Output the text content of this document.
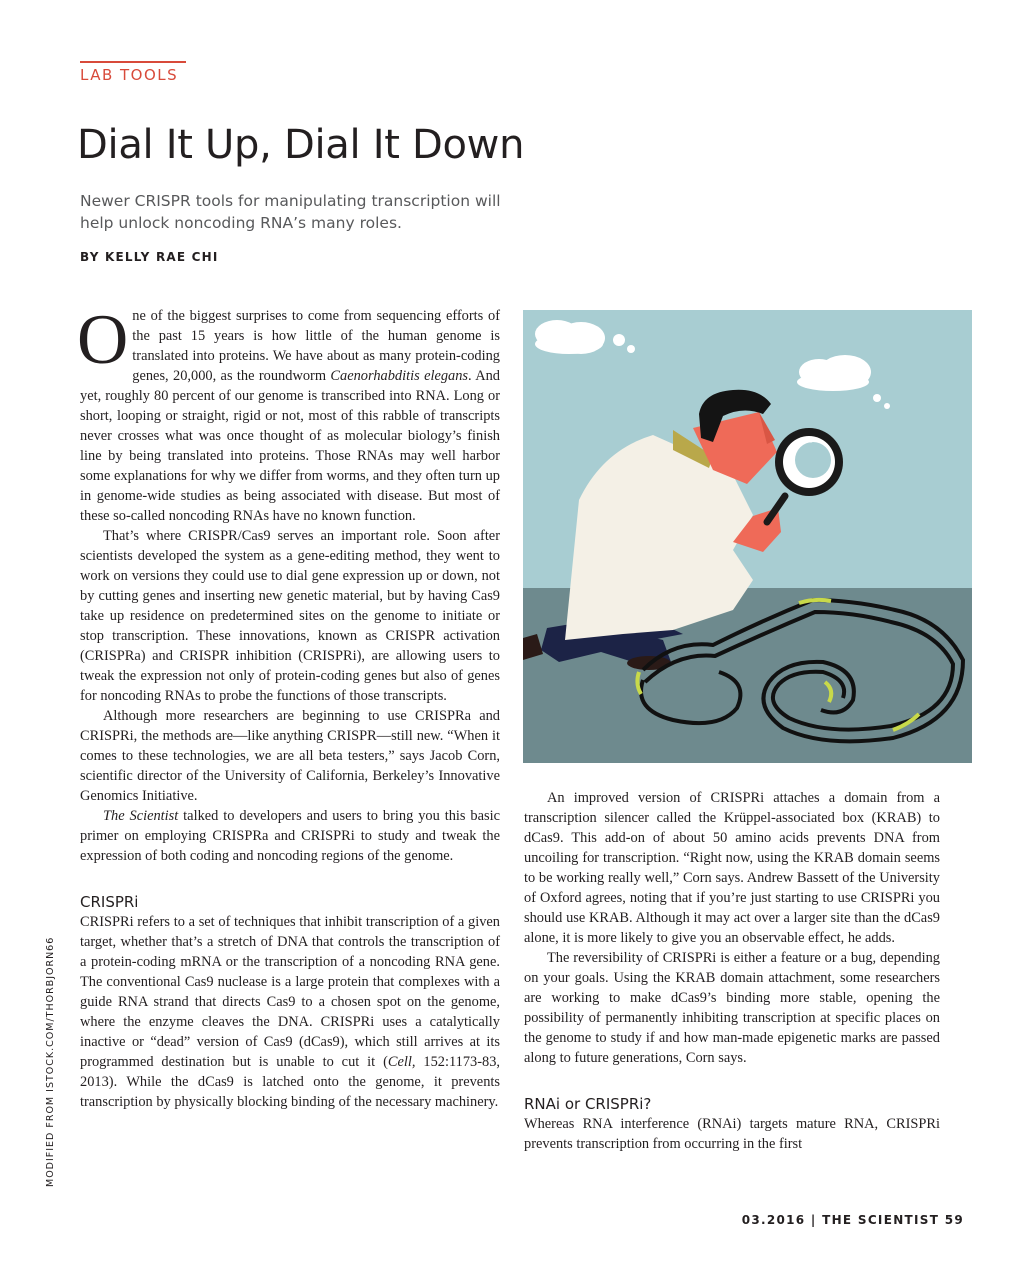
LAB TOOLS
Dial It Up, Dial It Down
Newer CRISPR tools for manipulating transcription will help unlock noncoding RNA’s many roles.
BY KELLY RAE CHI

One of the biggest surprises to come from sequencing efforts of the past 15 years is how little of the human genome is translated into proteins. We have about as many protein-coding genes, 20,000, as the roundworm Caenorhabditis elegans. And yet, roughly 80 percent of our genome is transcribed into RNA. Long or short, looping or straight, rigid or not, most of this rabble of transcripts never crosses what was once thought of as molecular biology’s finish line by being translated into proteins. Those RNAs may well harbor some explanations for why we differ from worms, and they often turn up in genome-wide studies as being associated with disease. But most of these so-called noncoding RNAs have no known function.

That’s where CRISPR/Cas9 serves an important role. Soon after scientists developed the system as a gene-editing method, they went to work on versions they could use to dial gene expression up or down, not by cutting genes and inserting new genetic material, but by having Cas9 take up residence on predetermined sites on the genome to initiate or stop transcription. These innovations, known as CRISPR activation (CRISPRa) and CRISPR inhibition (CRISPRi), are allowing users to tweak the expression not only of protein-coding genes but also of genes for noncoding RNAs to probe the functions of those transcripts.

Although more researchers are beginning to use CRISPRa and CRISPRi, the methods are—like anything CRISPR—still new. “When it comes to these technologies, we are all beta testers,” says Jacob Corn, scientific director of the University of California, Berkeley’s Innovative Genomics Initiative.

The Scientist talked to developers and users to bring you this basic primer on employing CRISPRa and CRISPRi to study and tweak the expression of both coding and noncoding regions of the genome.

CRISPRi

CRISPRi refers to a set of techniques that inhibit transcription of a given target, whether that’s a stretch of DNA that controls the transcription of a protein-coding mRNA or the transcription of a noncoding RNA gene. The conventional Cas9 nuclease is a large protein that complexes with a guide RNA strand that directs Cas9 to a chosen spot on the genome, where the enzyme cleaves the DNA. CRISPRi uses a catalytically inactive or “dead” version of Cas9 (dCas9), which still arrives at its programmed destination but is unable to cut it (Cell, 152:1173-83, 2013). While the dCas9 is latched onto the genome, it prevents transcription by physically blocking binding of the necessary machinery.

An improved version of CRISPRi attaches a domain from a transcription silencer called the Krüppel-associated box (KRAB) to dCas9. This add-on of about 50 amino acids prevents DNA from uncoiling for transcription. “Right now, using the KRAB domain seems to be working really well,” Corn says. Andrew Bassett of the University of Oxford agrees, noting that if you’re just starting to use CRISPRi you should use KRAB. Although it may act over a larger site than the dCas9 alone, it is more likely to give you an observable effect, he adds.

The reversibility of CRISPRi is either a feature or a bug, depending on your goals. Using the KRAB domain attachment, some researchers are working to make dCas9’s binding more stable, opening the possibility of permanently inhibiting transcription at specific places on the genome to study if and how man-made epigenetic marks are passed along to future generations, Corn says.

RNAi or CRISPRi?

Whereas RNA interference (RNAi) targets mature RNA, CRISPRi prevents transcription from occurring in the first

MODIFIED FROM ISTOCK.COM/THORBJORN66
03.2016 | THE SCIENTIST 59
